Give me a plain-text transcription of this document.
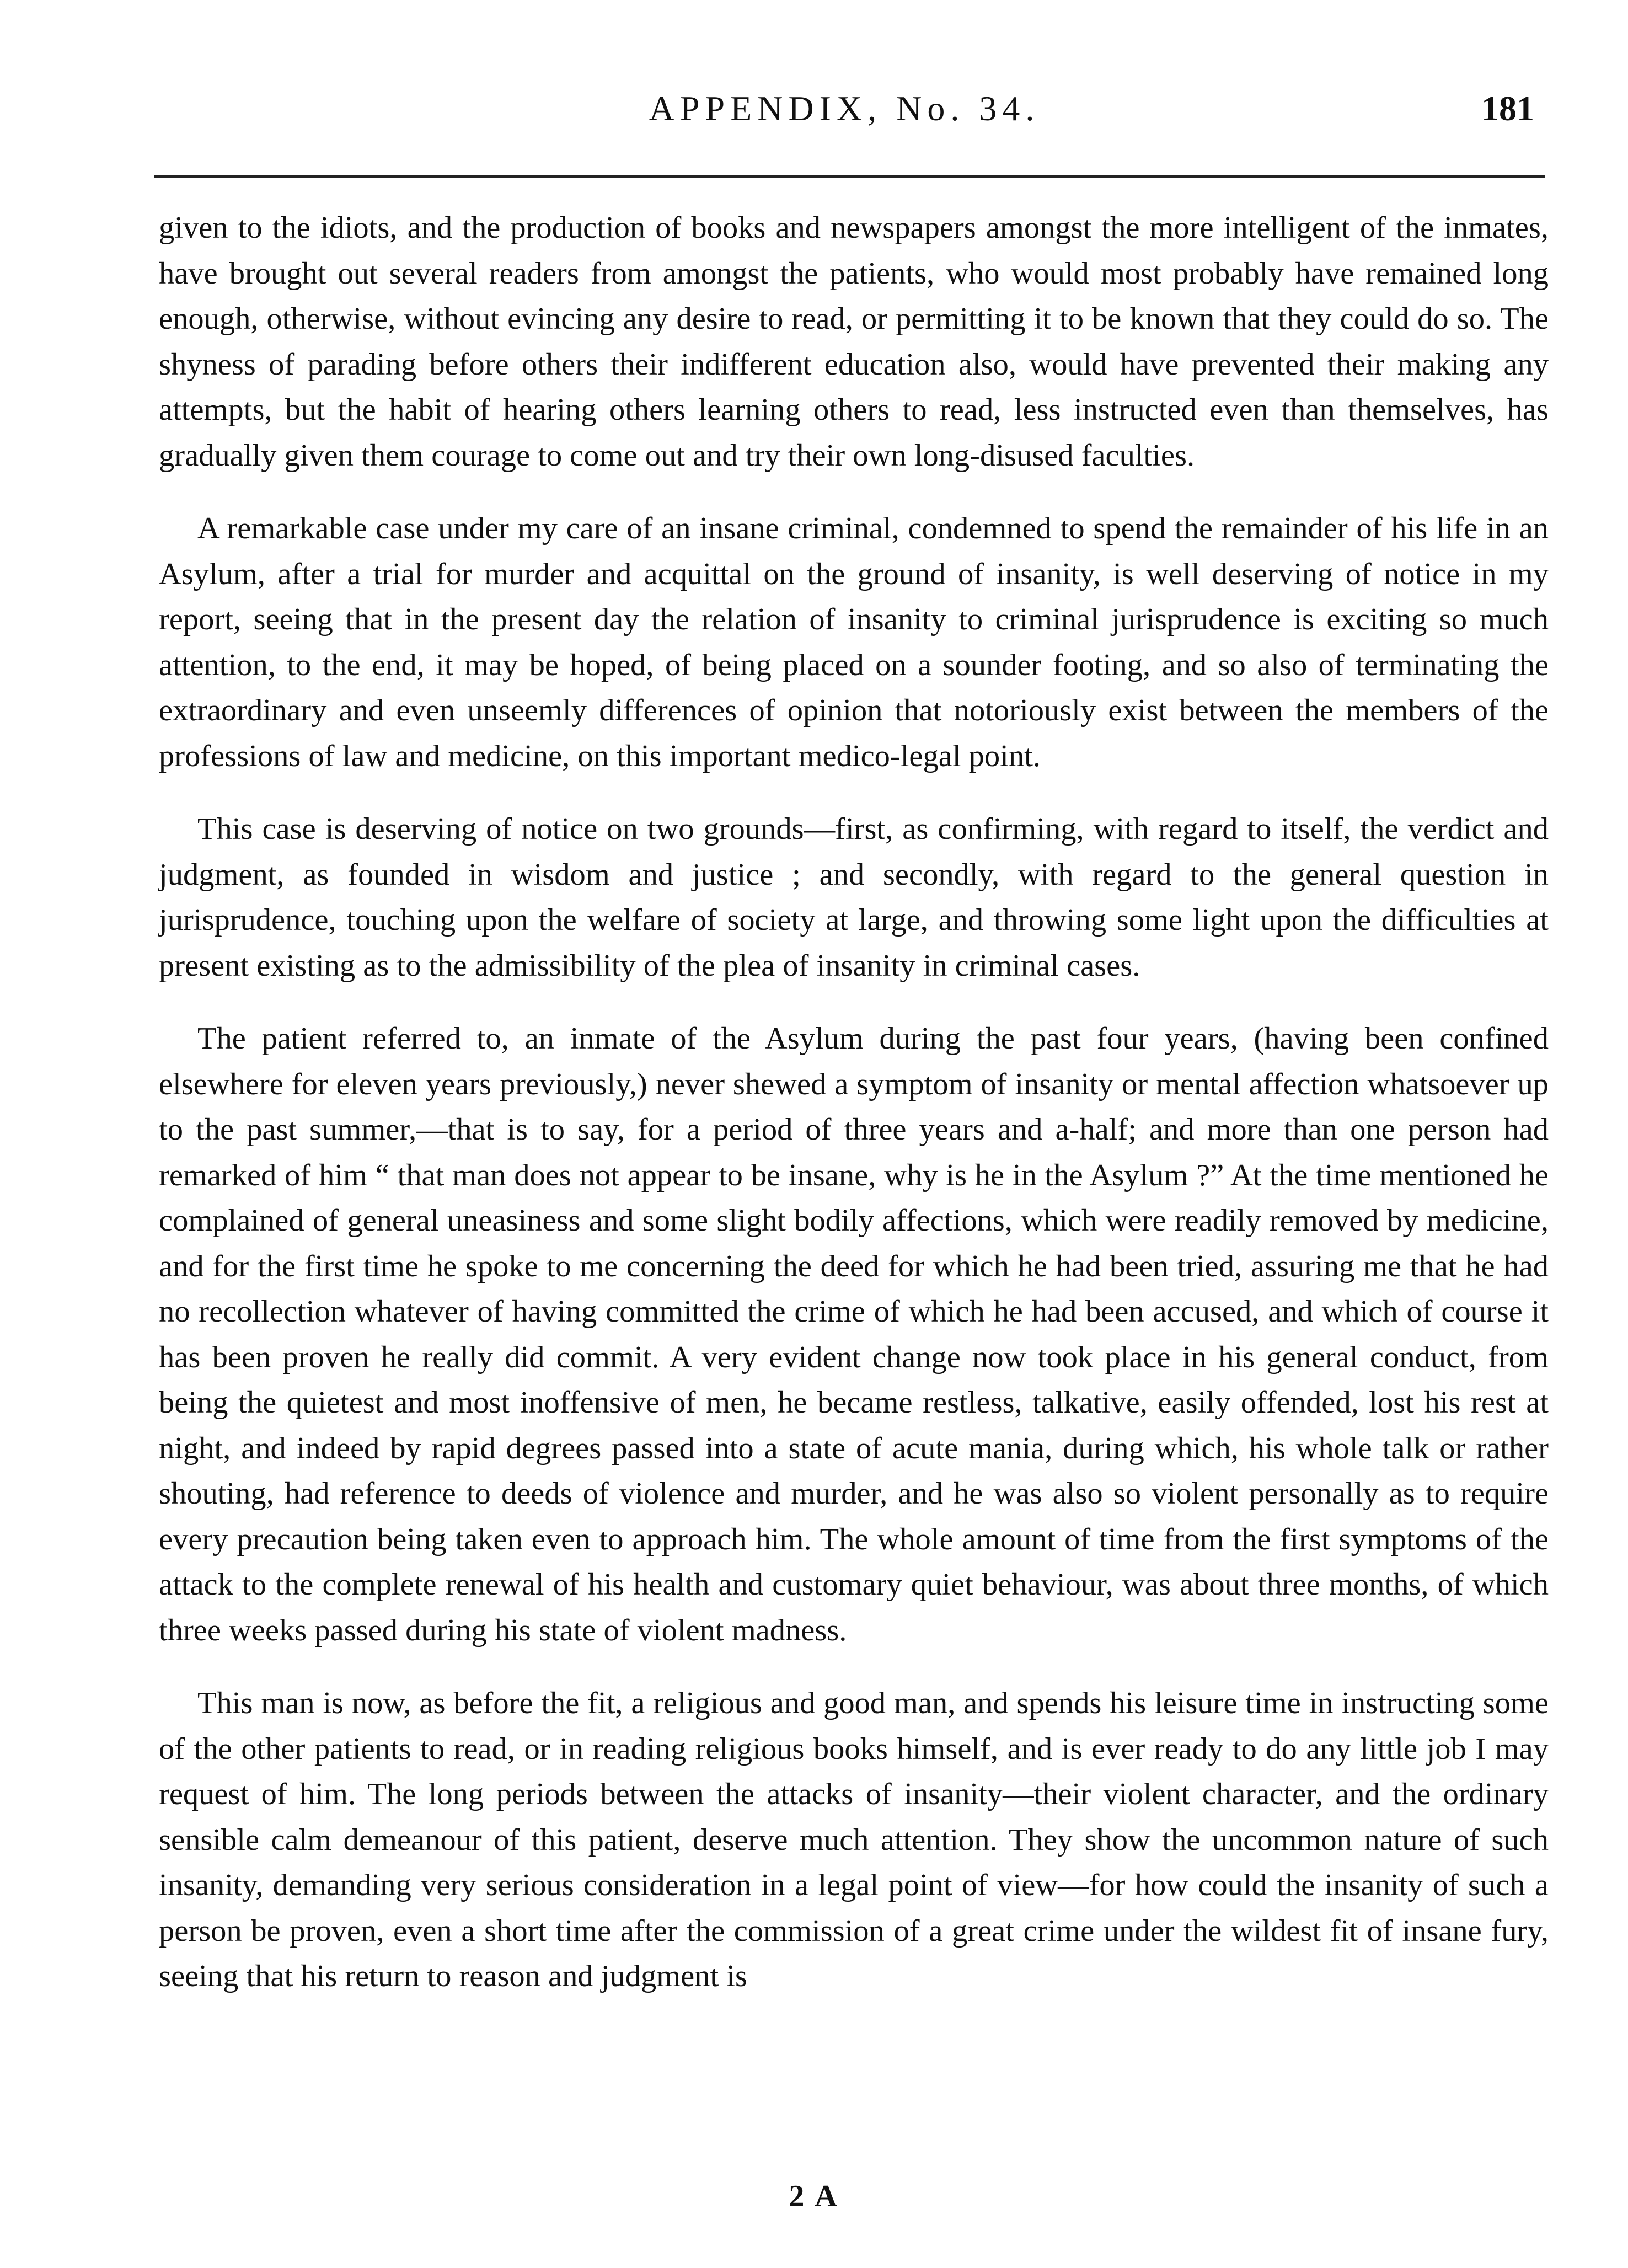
APPENDIX, No. 34.	181

given to the idiots, and the production of books and newspapers amongst the more intelligent of the inmates, have brought out several readers from amongst the patients, who would most probably have remained long enough, otherwise, without evincing any desire to read, or permitting it to be known that they could do so. The shyness of parading before others their indifferent education also, would have prevented their making any attempts, but the habit of hearing others learning others to read, less instructed even than themselves, has gradually given them courage to come out and try their own long-disused faculties.

A remarkable case under my care of an insane criminal, condemned to spend the remainder of his life in an Asylum, after a trial for murder and acquittal on the ground of insanity, is well deserving of notice in my report, seeing that in the present day the relation of insanity to criminal jurisprudence is exciting so much attention, to the end, it may be hoped, of being placed on a sounder footing, and so also of terminating the extraordinary and even unseemly differences of opinion that notoriously exist between the members of the professions of law and medicine, on this important medico-legal point.

This case is deserving of notice on two grounds—first, as confirming, with regard to itself, the verdict and judgment, as founded in wisdom and justice ; and secondly, with regard to the general question in jurisprudence, touching upon the welfare of society at large, and throwing some light upon the difficulties at present existing as to the admissibility of the plea of insanity in criminal cases.

The patient referred to, an inmate of the Asylum during the past four years, (having been confined elsewhere for eleven years previously,) never shewed a symptom of insanity or mental affection whatsoever up to the past summer,—that is to say, for a period of three years and a-half; and more than one person had remarked of him “ that man does not appear to be insane, why is he in the Asylum ?” At the time mentioned he complained of general uneasiness and some slight bodily affections, which were readily removed by medicine, and for the first time he spoke to me concerning the deed for which he had been tried, assuring me that he had no recollection whatever of having committed the crime of which he had been accused, and which of course it has been proven he really did commit. A very evident change now took place in his general conduct, from being the quietest and most inoffensive of men, he became restless, talkative, easily offended, lost his rest at night, and indeed by rapid degrees passed into a state of acute mania, during which, his whole talk or rather shouting, had reference to deeds of violence and murder, and he was also so violent personally as to require every precaution being taken even to approach him. The whole amount of time from the first symptoms of the attack to the complete renewal of his health and customary quiet behaviour, was about three months, of which three weeks passed during his state of violent madness.

This man is now, as before the fit, a religious and good man, and spends his leisure time in instructing some of the other patients to read, or in reading religious books himself, and is ever ready to do any little job I may request of him. The long periods between the attacks of insanity—their violent character, and the ordinary sensible calm demeanour of this patient, deserve much attention. They show the uncommon nature of such insanity, demanding very serious consideration in a legal point of view—for how could the insanity of such a person be proven, even a short time after the commission of a great crime under the wildest fit of insane fury, seeing that his return to reason and judgment is

2 A
